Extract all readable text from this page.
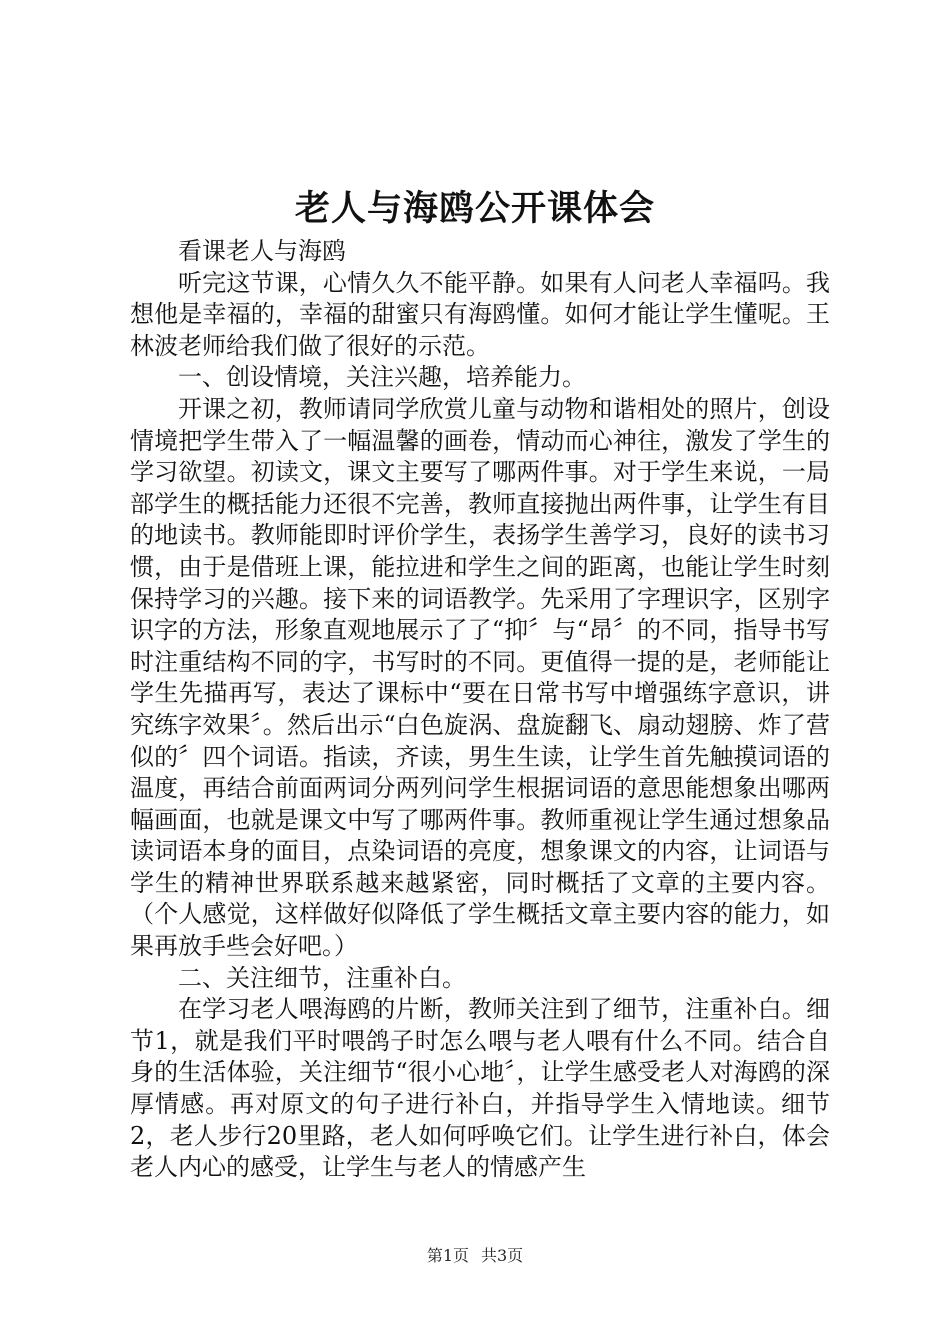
老人与海鸥公开课体会

看课老人与海鸥

听完这节课，心情久久不能平静。如果有人问老人幸福吗。我想他是幸福的，幸福的甜蜜只有海鸥懂。如何才能让学生懂呢。王林波老师给我们做了很好的示范。

一、创设情境，关注兴趣，培养能力。

开课之初，教师请同学欣赏儿童与动物和谐相处的照片，创设情境把学生带入了一幅温馨的画卷，情动而心神往，激发了学生的学习欲望。初读文，课文主要写了哪两件事。对于学生来说，一局部学生的概括能力还很不完善，教师直接抛出两件事，让学生有目的地读书。教师能即时评价学生，表扬学生善学习，良好的读书习惯，由于是借班上课，能拉进和学生之间的距离，也能让学生时刻保持学习的兴趣。接下来的词语教学。先采用了字理识字，区别字识字的方法，形象直观地展示了了“抑〞与“昂〞的不同，指导书写时注重结构不同的字，书写时的不同。更值得一提的是，老师能让学生先描再写，表达了课标中“要在日常书写中增强练字意识，讲究练字效果〞。然后出示“白色旋涡、盘旋翻飞、扇动翅膀、炸了营似的〞四个词语。指读，齐读，男生生读，让学生首先触摸词语的温度，再结合前面两词分两列问学生根据词语的意思能想象出哪两幅画面，也就是课文中写了哪两件事。教师重视让学生通过想象品读词语本身的面目，点染词语的亮度，想象课文的内容，让词语与学生的精神世界联系越来越紧密，同时概括了文章的主要内容。（个人感觉，这样做好似降低了学生概括文章主要内容的能力，如果再放手些会好吧。）

二、关注细节，注重补白。

在学习老人喂海鸥的片断，教师关注到了细节，注重补白。细节1，就是我们平时喂鸽子时怎么喂与老人喂有什么不同。结合自身的生活体验，关注细节“很小心地〞，让学生感受老人对海鸥的深厚情感。再对原文的句子进行补白，并指导学生入情地读。细节2，老人步行20里路，老人如何呼唤它们。让学生进行补白，体会老人内心的感受，让学生与老人的情感产生

第1页 共3页
